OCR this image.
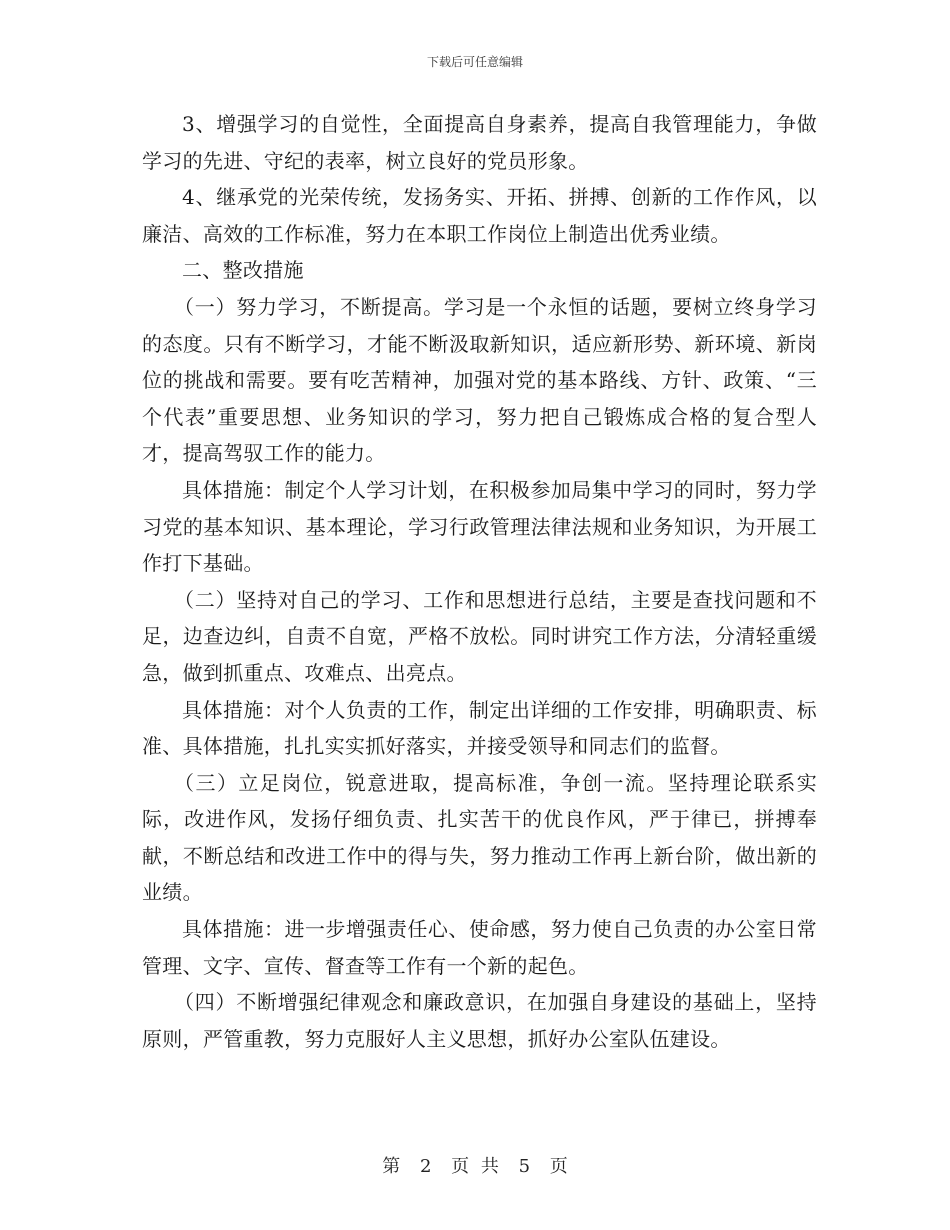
下载后可任意编辑

3、增强学习的自觉性，全面提高自身素养，提高自我管理能力，争做学习的先进、守纪的表率，树立良好的党员形象。

4、继承党的光荣传统，发扬务实、开拓、拼搏、创新的工作作风，以廉洁、高效的工作标准，努力在本职工作岗位上制造出优秀业绩。

二、整改措施

（一）努力学习，不断提高。学习是一个永恒的话题，要树立终身学习的态度。只有不断学习，才能不断汲取新知识，适应新形势、新环境、新岗位的挑战和需要。要有吃苦精神，加强对党的基本路线、方针、政策、“三个代表”重要思想、业务知识的学习，努力把自己锻炼成合格的复合型人才，提高驾驭工作的能力。

具体措施：制定个人学习计划，在积极参加局集中学习的同时，努力学习党的基本知识、基本理论，学习行政管理法律法规和业务知识，为开展工作打下基础。

（二）坚持对自己的学习、工作和思想进行总结，主要是查找问题和不足，边查边纠，自责不自宽，严格不放松。同时讲究工作方法，分清轻重缓急，做到抓重点、攻难点、出亮点。

具体措施：对个人负责的工作，制定出详细的工作安排，明确职责、标准、具体措施，扎扎实实抓好落实，并接受领导和同志们的监督。

（三）立足岗位，锐意进取，提高标准，争创一流。坚持理论联系实际，改进作风，发扬仔细负责、扎实苦干的优良作风，严于律已，拼搏奉献，不断总结和改进工作中的得与失，努力推动工作再上新台阶，做出新的业绩。

具体措施：进一步增强责任心、使命感，努力使自己负责的办公室日常管理、文字、宣传、督查等工作有一个新的起色。

（四）不断增强纪律观念和廉政意识，在加强自身建设的基础上，坚持原则，严管重教，努力克服好人主义思想，抓好办公室队伍建设。

第 2 页 共 5 页
